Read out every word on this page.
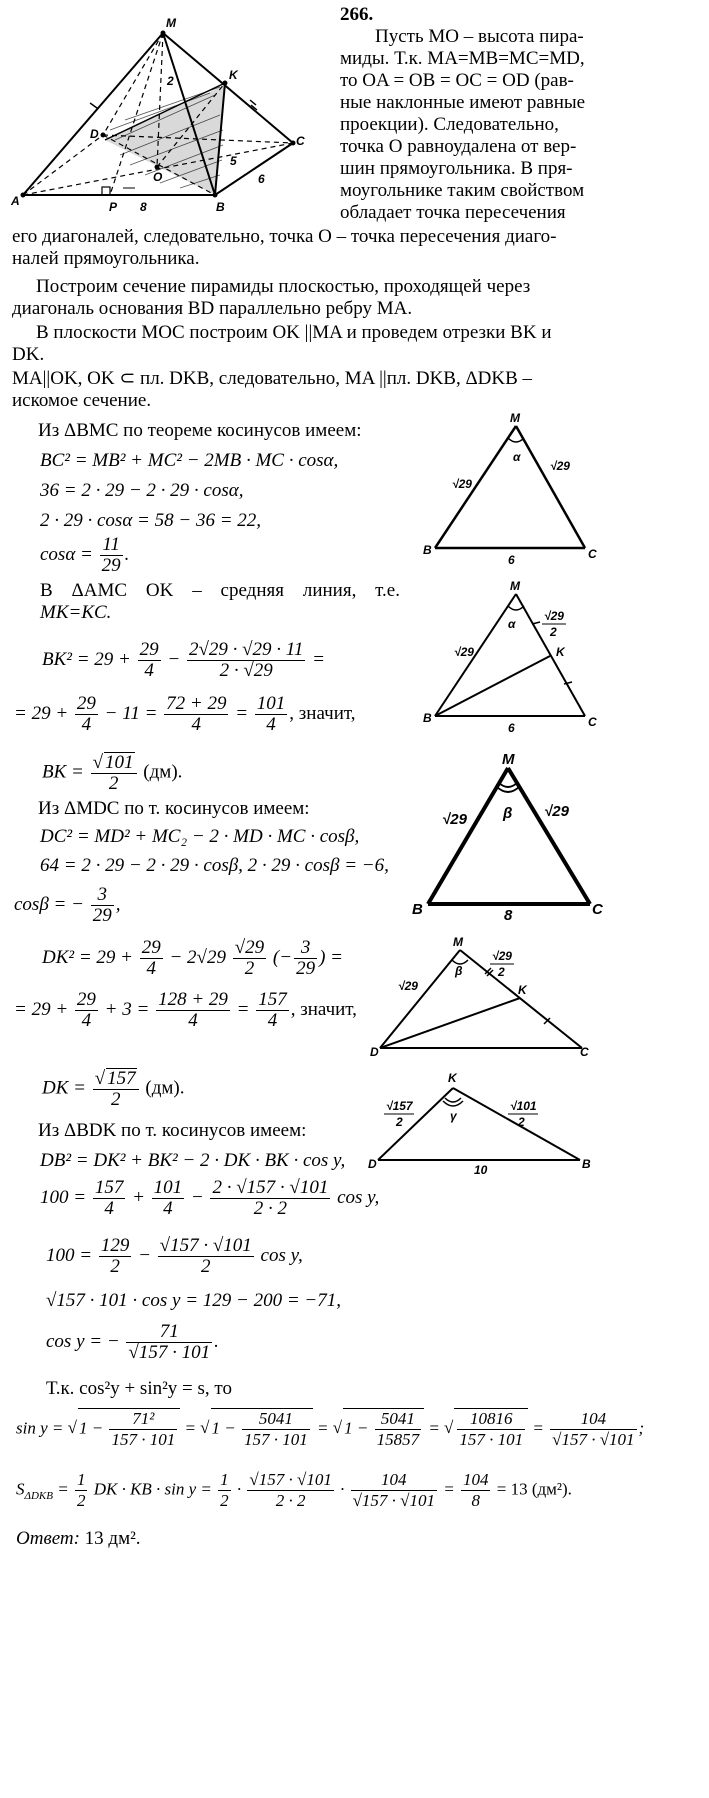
M
K
D	C
O
A	P	B
2
5
6
8
266.
Пусть МО – высота пира-
миды. Т.к. MA=MB=MC=MD,
то OA = OB = OC = OD (рав-
ные наклонные имеют равные
проекции). Следовательно,
точка O равноудалена от вер-
шин прямоугольника. В пря-
моугольнике таким свойством
обладает точка пересечения
его диагоналей, следовательно, точка O – точка пересечения диаго-
налей прямоугольника.
Построим сечение пирамиды плоскостью, проходящей через
диагональ основания BD параллельно ребру MA.
В плоскости MOC построим OK ||MA и проведем отрезки BK и
DK.
MA||OK, OK ⊂ пл. DKB, следовательно, MA ||пл. DKB, ΔDKB –
искомое сечение.
Из ΔBMC по теореме косинусов имеем:
BC² = MB² + MC² − 2MB · MC · cosα,
36 = 2 · 29 − 2 · 29 · cosα,
2 · 29 · cosα = 58 − 36 = 22,
$\cos\alpha = \frac{11}{29}$ .
M
B	C
α
√29
√29
6
В ΔAMC OK – средняя линия, т.е.
MK=KC.
$BK^2 = 29 + \frac{29}{4} - \frac{2√29 \cdot √29 \cdot 11}{2 \cdot √29}$ =
= $29 + \frac{29}{4} - 11 = \frac{72 + 29}{4} = \frac{101}{4}$ , значит,
BK = √ $\frac{101}{2} (дм)$.
M
B	C
K
α
√29
√29
2
6
Из ΔMDC по т. косинусов имеем:
DC² = MD² + MC₂ − 2 · MD · MC · cosβ,
64 = 2 · 29 − 2 · 29 · cosβ, 2 · 29 · cosβ = −6,
cosβ = − $\frac{3}{29}$ ,
M
B	C
β
√29	√29
8
$DK^2 = 29 + \frac{29}{4} - 2√29 \frac{√29}{2}$ (− $\frac{3}{29}$ ) =
= $29 + \frac{29}{4} + 3 = \frac{128 + 29}{4} = \frac{157}{4}$ , значит,
M
D	C
K
β
√29
√29
2
DK = √ $\frac{157}{2} (дм)$.	K
D	B
γ
√157
2
√101
2
10
Из ΔBDK по т. косинусов имеем:
DB² = DK² + BK² − 2 · DK · BK · cos y,
$100 = \frac{157}{4} + \frac{101}{4} - \frac{2 \cdot √157 \cdot √101}{2 \cdot 2}$ cos y,
$100 = \frac{129}{2} - \frac{√157 \cdot √101}{2}$ cos y,
√157 · 101 · cos y = 129 − 200 = −71,
cos y = − $\frac{71}{√157 \cdot 101}$ .
Т.к. cos²y + sin²y = s, то
sin y = √ $1 - \frac{\text{71²}}{157 \cdot 101}$ = √ $1 - \frac{5041}{157 \cdot 101}$ = √ $1 - \frac{5041}{15857}$ = √ $\frac{10816}{157 \cdot 101} = \frac{104}{√157 \cdot √101}$ ;
$S_{\Delta DKB} = \frac{1}{2}$ DK · KB · $\sin y = \frac{1}{2} \cdot \frac{√157 \cdot √101}{2 \cdot 2} \cdot \frac{104}{√157 \cdot √101} = \frac{104}{8} = 13$ (дм²).
Ответ: 13 дм².
